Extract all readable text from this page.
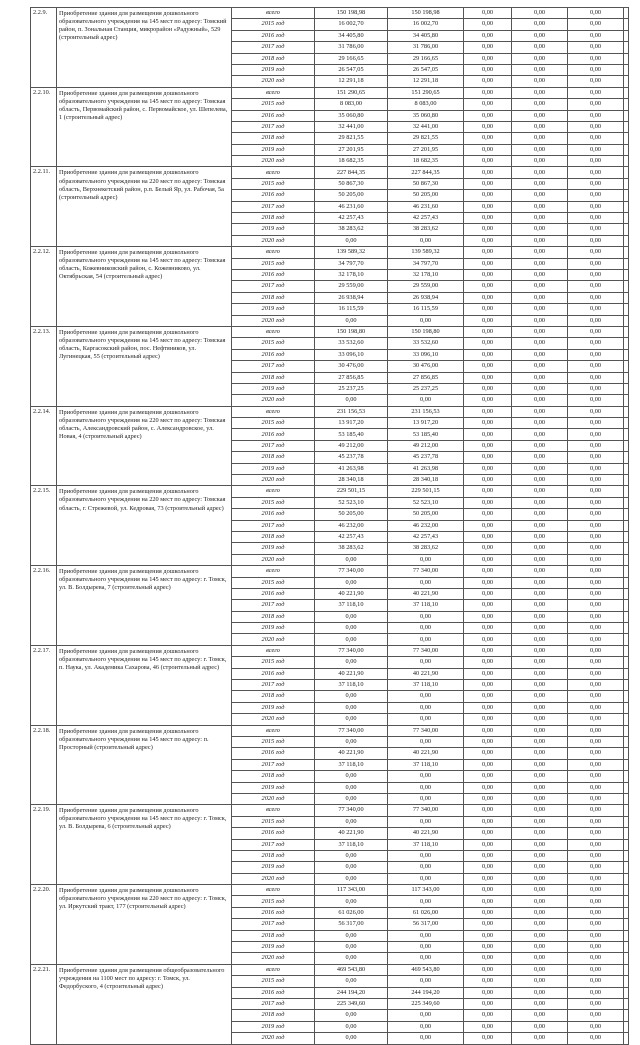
2.2.9.	Приобретение здания для размещения дошкольного образовательного учреждения на 145 мест по адресу: Томский район, п. Зональная Станция, микрорайон «Радужный», 529 (строительный адрес)	всего	150 198,98	150 198,98	0,00	0,00	0,00	
		2015 год	16 002,70	16 002,70	0,00	0,00	0,00	
		2016 год	34 405,80	34 405,80	0,00	0,00	0,00	
		2017 год	31 786,00	31 786,00	0,00	0,00	0,00	
		2018 год	29 166,65	29 166,65	0,00	0,00	0,00	
		2019 год	26 547,05	26 547,05	0,00	0,00	0,00	
		2020 год	12 291,18	12 291,18	0,00	0,00	0,00	
2.2.10.	Приобретение здания для размещения дошкольного образовательного учреждения на 145 мест по адресу: Томская область, Первомайский район, с. Первомайское, ул. Шепелева, 1 (строительный адрес)	всего	151 290,65	151 290,65	0,00	0,00	0,00	
		2015 год	8 083,00	8 083,00	0,00	0,00	0,00	
		2016 год	35 060,80	35 060,80	0,00	0,00	0,00	
		2017 год	32 441,00	32 441,00	0,00	0,00	0,00	
		2018 год	29 821,55	29 821,55	0,00	0,00	0,00	
		2019 год	27 201,95	27 201,95	0,00	0,00	0,00	
		2020 год	18 682,35	18 682,35	0,00	0,00	0,00	
2.2.11.	Приобретение здания для размещения дошкольного образовательного учреждения на 220 мест по адресу: Томская область, Верхнекетский район, р.п. Белый Яр, ул. Рабочая, 5а (строительный адрес)	всего	227 844,35	227 844,35	0,00	0,00	0,00	
		2015 год	50 867,30	50 867,30	0,00	0,00	0,00	
		2016 год	50 205,00	50 205,00	0,00	0,00	0,00	
		2017 год	46 231,60	46 231,60	0,00	0,00	0,00	
		2018 год	42 257,43	42 257,43	0,00	0,00	0,00	
		2019 год	38 283,62	38 283,62	0,00	0,00	0,00	
		2020 год	0,00	0,00	0,00	0,00	0,00	
2.2.12.	Приобретение здания для размещения дошкольного образовательного учреждения на 145 мест по адресу: Томская область, Кожевниковский район, с. Кожевниково, ул. Октябрьская, 54 (строительный адрес)	всего	139 589,32	139 589,32	0,00	0,00	0,00	
		2015 год	34 797,70	34 797,70	0,00	0,00	0,00	
		2016 год	32 178,10	32 178,10	0,00	0,00	0,00	
		2017 год	29 559,00	29 559,00	0,00	0,00	0,00	
		2018 год	26 938,94	26 938,94	0,00	0,00	0,00	
		2019 год	16 115,59	16 115,59	0,00	0,00	0,00	
		2020 год	0,00	0,00	0,00	0,00	0,00	
2.2.13.	Приобретение здания для размещения дошкольного образовательного учреждения на 145 мест по адресу: Томская область, Каргасокский район, пос. Нефтяников, ул. Лугинецкая, 55 (строительный адрес)	всего	150 198,80	150 198,80	0,00	0,00	0,00	
		2015 год	33 532,60	33 532,60	0,00	0,00	0,00	
		2016 год	33 096,10	33 096,10	0,00	0,00	0,00	
		2017 год	30 476,00	30 476,00	0,00	0,00	0,00	
		2018 год	27 856,85	27 856,85	0,00	0,00	0,00	
		2019 год	25 237,25	25 237,25	0,00	0,00	0,00	
		2020 год	0,00	0,00	0,00	0,00	0,00	
2.2.14.	Приобретение здания для размещения дошкольного образовательного учреждения на 220 мест по адресу: Томская область, Александровский район, с. Александровское, ул. Новая, 4 (строительный адрес)	всего	231 156,53	231 156,53	0,00	0,00	0,00	
		2015 год	13 917,20	13 917,20	0,00	0,00	0,00	
		2016 год	53 185,40	53 185,40	0,00	0,00	0,00	
		2017 год	49 212,00	49 212,00	0,00	0,00	0,00	
		2018 год	45 237,78	45 237,78	0,00	0,00	0,00	
		2019 год	41 263,98	41 263,98	0,00	0,00	0,00	
		2020 год	28 340,18	28 340,18	0,00	0,00	0,00	
2.2.15.	Приобретение здания для размещения дошкольного образовательного учреждения на 220 мест по адресу: Томская область, г. Стрежевой, ул. Кедровая, 73 (строительный адрес)	всего	229 501,15	229 501,15	0,00	0,00	0,00	
		2015 год	52 523,10	52 523,10	0,00	0,00	0,00	
		2016 год	50 205,00	50 205,00	0,00	0,00	0,00	
		2017 год	46 232,00	46 232,00	0,00	0,00	0,00	
		2018 год	42 257,43	42 257,43	0,00	0,00	0,00	
		2019 год	38 283,62	38 283,62	0,00	0,00	0,00	
		2020 год	0,00	0,00	0,00	0,00	0,00	
2.2.16.	Приобретение здания для размещения дошкольного образовательного учреждения на 145 мест по адресу: г. Томск, ул. В. Болдырева, 7 (строительный адрес)	всего	77 340,00	77 340,00	0,00	0,00	0,00	
		2015 год	0,00	0,00	0,00	0,00	0,00	
		2016 год	40 221,90	40 221,90	0,00	0,00	0,00	
		2017 год	37 118,10	37 118,10	0,00	0,00	0,00	
		2018 год	0,00	0,00	0,00	0,00	0,00	
		2019 год	0,00	0,00	0,00	0,00	0,00	
		2020 год	0,00	0,00	0,00	0,00	0,00	
2.2.17.	Приобретение здания для размещения дошкольного образовательного учреждения на 145 мест по адресу: г. Томск, п. Наука, ул. Академика Сахарова, 46 (строительный адрес)	всего	77 340,00	77 340,00	0,00	0,00	0,00	
		2015 год	0,00	0,00	0,00	0,00	0,00	
		2016 год	40 221,90	40 221,90	0,00	0,00	0,00	
		2017 год	37 118,10	37 118,10	0,00	0,00	0,00	
		2018 год	0,00	0,00	0,00	0,00	0,00	
		2019 год	0,00	0,00	0,00	0,00	0,00	
		2020 год	0,00	0,00	0,00	0,00	0,00	
2.2.18.	Приобретение здания для размещения дошкольного образовательного учреждения на 145 мест по адресу: п. Просторный (строительный адрес)	всего	77 340,00	77 340,00	0,00	0,00	0,00	
		2015 год	0,00	0,00	0,00	0,00	0,00	
		2016 год	40 221,90	40 221,90	0,00	0,00	0,00	
		2017 год	37 118,10	37 118,10	0,00	0,00	0,00	
		2018 год	0,00	0,00	0,00	0,00	0,00	
		2019 год	0,00	0,00	0,00	0,00	0,00	
		2020 год	0,00	0,00	0,00	0,00	0,00	
2.2.19.	Приобретение здания для размещения дошкольного образовательного учреждения на 145 мест по адресу: г. Томск, ул. В. Болдырева, 6 (строительный адрес)	всего	77 340,00	77 340,00	0,00	0,00	0,00	
		2015 год	0,00	0,00	0,00	0,00	0,00	
		2016 год	40 221,90	40 221,90	0,00	0,00	0,00	
		2017 год	37 118,10	37 118,10	0,00	0,00	0,00	
		2018 год	0,00	0,00	0,00	0,00	0,00	
		2019 год	0,00	0,00	0,00	0,00	0,00	
		2020 год	0,00	0,00	0,00	0,00	0,00	
2.2.20.	Приобретение здания для размещения дошкольного образовательного учреждения на 220 мест по адресу: г. Томск, ул. Иркутский тракт, 177 (строительный адрес)	всего	117 343,00	117 343,00	0,00	0,00	0,00	
		2015 год	0,00	0,00	0,00	0,00	0,00	
		2016 год	61 026,00	61 026,00	0,00	0,00	0,00	
		2017 год	56 317,00	56 317,00	0,00	0,00	0,00	
		2018 год	0,00	0,00	0,00	0,00	0,00	
		2019 год	0,00	0,00	0,00	0,00	0,00	
		2020 год	0,00	0,00	0,00	0,00	0,00	
2.2.21.	Приобретение здания для размещения общеобразовательного учреждения на 1100 мест по адресу: г. Томск, ул. Федорбуского, 4 (строительный адрес)	всего	469 543,80	469 543,80	0,00	0,00	0,00	
		2015 год	0,00	0,00	0,00	0,00	0,00	
		2016 год	244 194,20	244 194,20	0,00	0,00	0,00	
		2017 год	225 349,60	225 349,60	0,00	0,00	0,00	
		2018 год	0,00	0,00	0,00	0,00	0,00	
		2019 год	0,00	0,00	0,00	0,00	0,00	
		2020 год	0,00	0,00	0,00	0,00	0,00	
